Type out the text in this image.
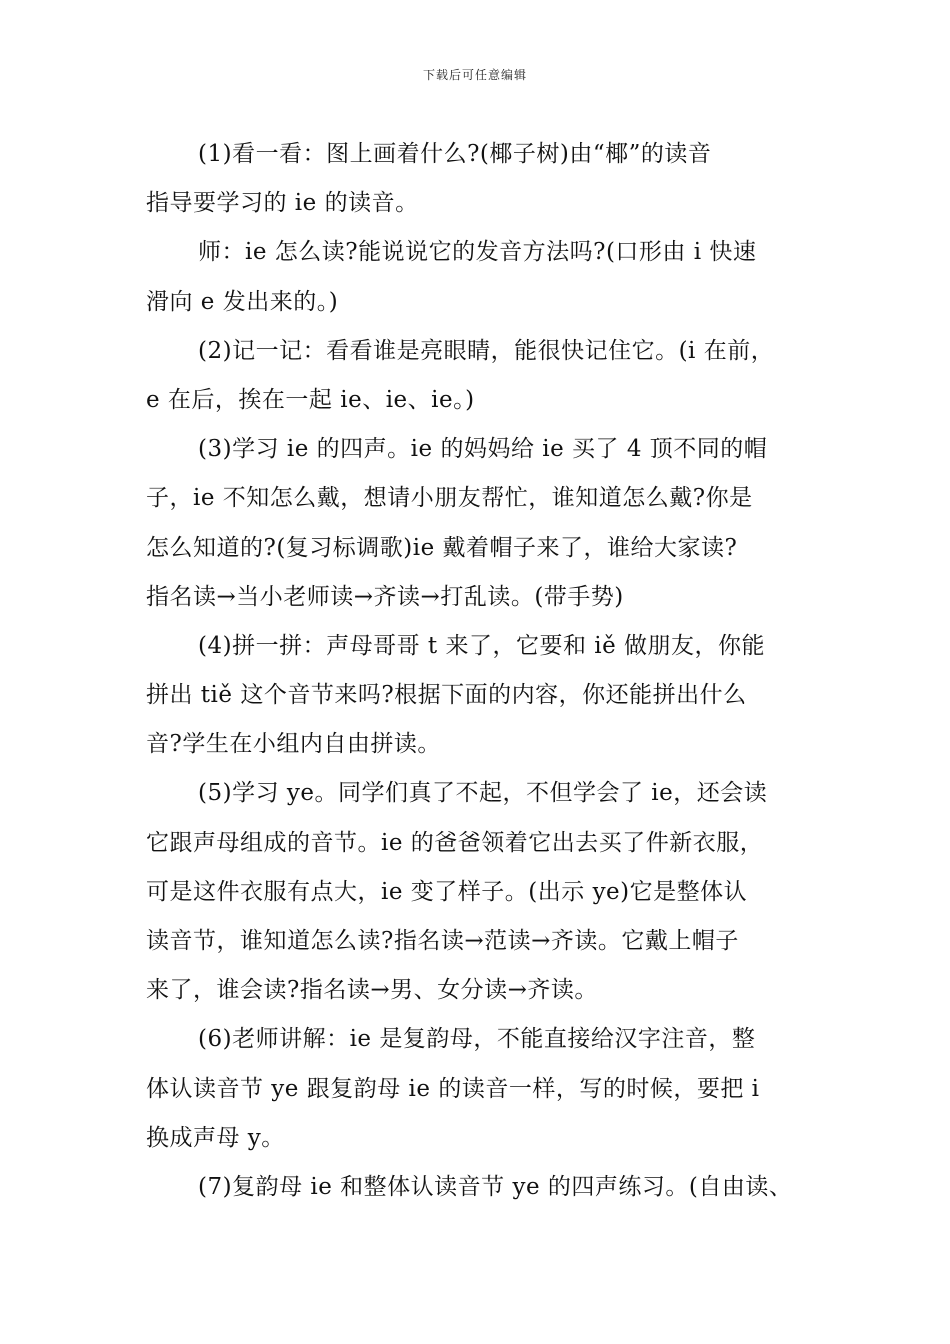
下载后可任意编辑
(1)看一看：图上画着什么?(椰子树)由“椰”的读音
指导要学习的 ie 的读音。
师：ie 怎么读?能说说它的发音方法吗?(口形由 i 快速
滑向 e 发出来的。)
(2)记一记：看看谁是亮眼睛，能很快记住它。(i 在前，
e 在后，挨在一起 ie、ie、ie。)
(3)学习 ie 的四声。ie 的妈妈给 ie 买了 4 顶不同的帽
子，ie 不知怎么戴，想请小朋友帮忙，谁知道怎么戴?你是
怎么知道的?(复习标调歌)ie 戴着帽子来了，谁给大家读?
指名读→当小老师读→齐读→打乱读。(带手势)
(4)拼一拼：声母哥哥 t 来了，它要和 iě 做朋友，你能
拼出 tiě 这个音节来吗?根据下面的内容，你还能拼出什么
音?学生在小组内自由拼读。
(5)学习 ye。同学们真了不起，不但学会了 ie，还会读
它跟声母组成的音节。ie 的爸爸领着它出去买了件新衣服，
可是这件衣服有点大，ie 变了样子。(出示 ye)它是整体认
读音节，谁知道怎么读?指名读→范读→齐读。它戴上帽子
来了，谁会读?指名读→男、女分读→齐读。
(6)老师讲解：ie 是复韵母，不能直接给汉字注音，整
体认读音节 ye 跟复韵母 ie 的读音一样，写的时候，要把 i
换成声母 y。
(7)复韵母 ie 和整体认读音节 ye 的四声练习。(自由读、
